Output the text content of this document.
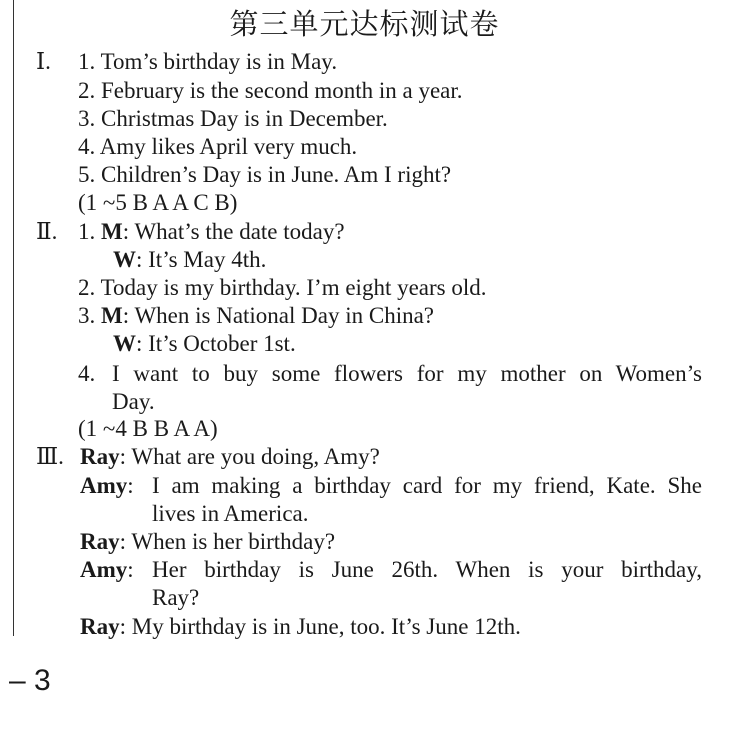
第三单元达标测试卷
Ⅰ. 1. Tom’s birthday is in May.
2. February is the second month in a year.
3. Christmas Day is in December.
4. Amy likes April very much.
5. Children’s Day is in June. Am I right?
(1 ~5 B A A C B)
Ⅱ. 1. M: What’s the date today?
W: It’s May 4th.
2. Today is my birthday. I’m eight years old.
3. M: When is National Day in China?
W: It’s October 1st.
4. I want to buy some flowers for my mother on Women’s
Day.
(1 ~4 B B A A)
Ⅲ. Ray: What are you doing, Amy?
Amy: I am making a birthday card for my friend, Kate. She
lives in America.
Ray: When is her birthday?
Amy: Her birthday is June 26th. When is your birthday,
Ray?
Ray: My birthday is in June, too. It’s June 12th.
– 3
